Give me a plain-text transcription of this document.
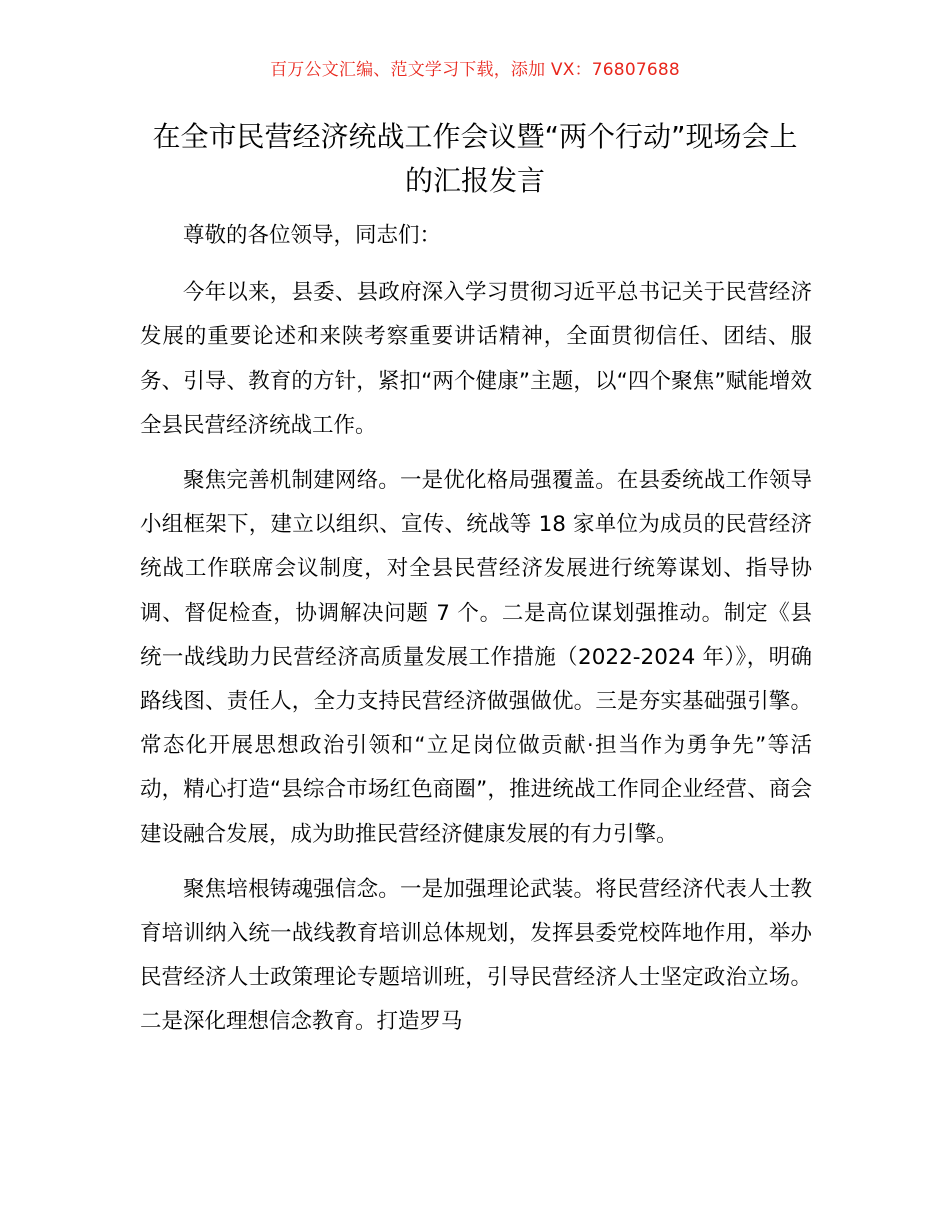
百万公文汇编、范文学习下载，添加 VX：76807688
在全市民营经济统战工作会议暨“两个行动”现场会上的汇报发言

尊敬的各位领导，同志们：

今年以来，县委、县政府深入学习贯彻习近平总书记关于民营经济发展的重要论述和来陕考察重要讲话精神，全面贯彻信任、团结、服务、引导、教育的方针，紧扣“两个健康”主题，以“四个聚焦”赋能增效全县民营经济统战工作。

聚焦完善机制建网络。一是优化格局强覆盖。在县委统战工作领导小组框架下，建立以组织、宣传、统战等 18 家单位为成员的民营经济统战工作联席会议制度，对全县民营经济发展进行统筹谋划、指导协调、督促检查，协调解决问题 7 个。二是高位谋划强推动。制定《县统一战线助力民营经济高质量发展工作措施（2022-2024 年）》，明确路线图、责任人，全力支持民营经济做强做优。三是夯实基础强引擎。常态化开展思想政治引领和“立足岗位做贡献·担当作为勇争先”等活动，精心打造“县综合市场红色商圈”，推进统战工作同企业经营、商会建设融合发展，成为助推民营经济健康发展的有力引擎。

聚焦培根铸魂强信念。一是加强理论武装。将民营经济代表人士教育培训纳入统一战线教育培训总体规划，发挥县委党校阵地作用，举办民营经济人士政策理论专题培训班，引导民营经济人士坚定政治立场。二是深化理想信念教育。打造罗马
